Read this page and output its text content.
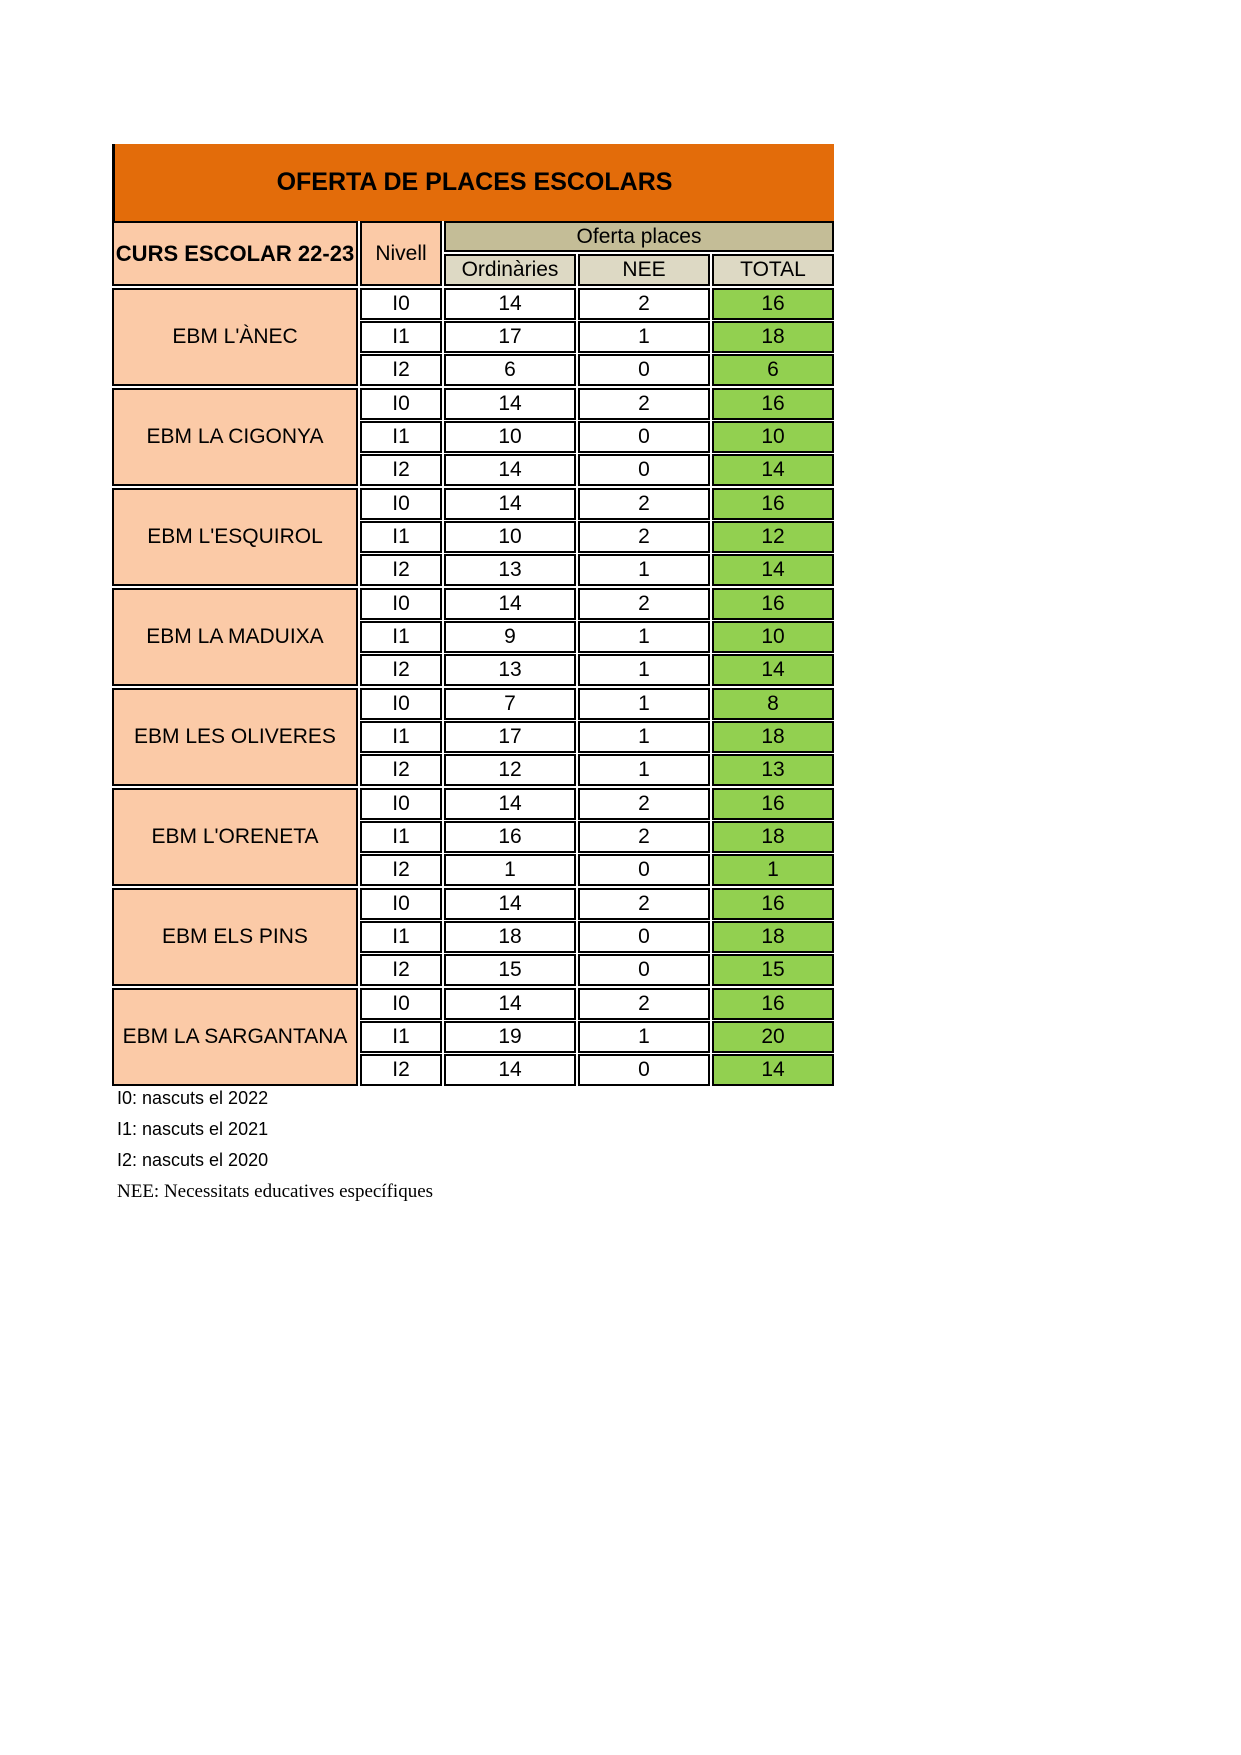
OFERTA DE PLACES ESCOLARS
CURS ESCOLAR 22-23	Nivell
Oferta places
Ordinàries	NEE	TOTAL
EBM L'ÀNEC
I0	14	2	16
I1	17	1	18
I2	6	0	6
EBM LA CIGONYA
I0	14	2	16
I1	10	0	10
I2	14	0	14
EBM L'ESQUIROL
I0	14	2	16
I1	10	2	12
I2	13	1	14
EBM LA MADUIXA
I0	14	2	16
I1	9	1	10
I2	13	1	14
EBM LES OLIVERES
I0	7	1	8
I1	17	1	18
I2	12	1	13
EBM L'ORENETA
I0	14	2	16
I1	16	2	18
I2	1	0	1
EBM ELS PINS
I0	14	2	16
I1	18	0	18
I2	15	0	15
EBM LA SARGANTANA
I0	14	2	16
I1	19	1	20
I2	14	0	14
I0: nascuts el 2022
I1: nascuts el 2021
I2: nascuts el 2020
NEE: Necessitats educatives específiques
